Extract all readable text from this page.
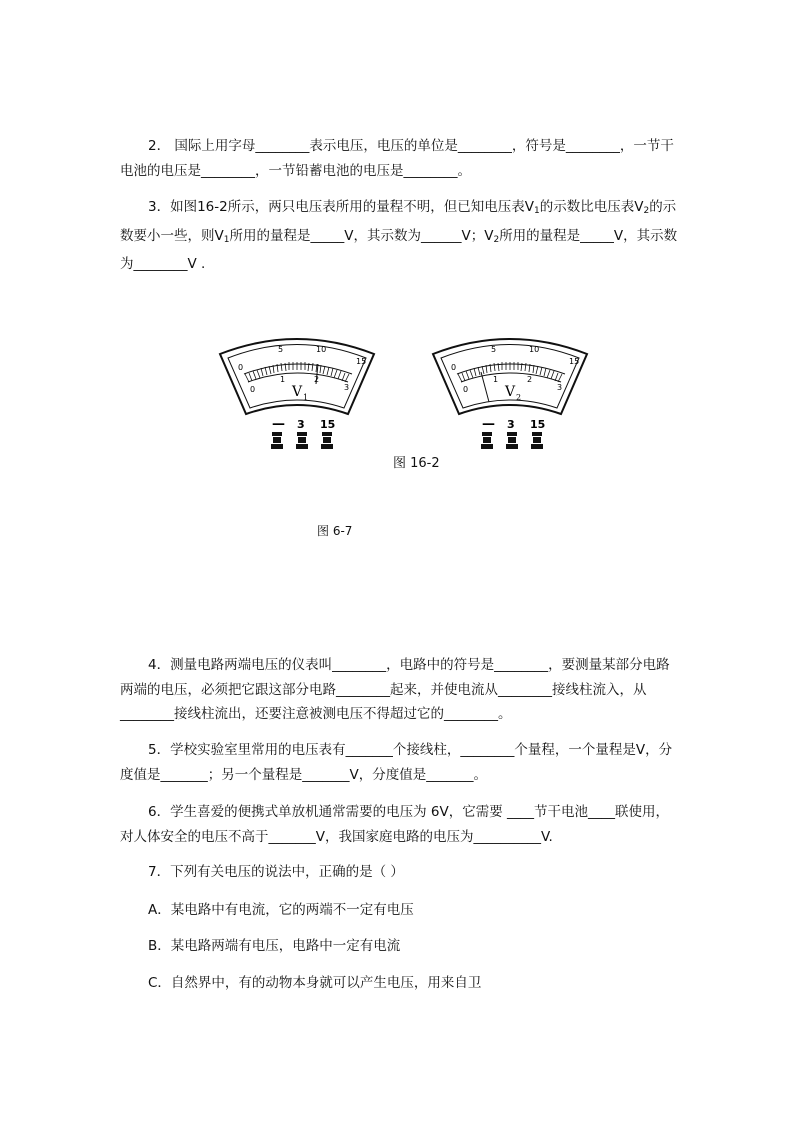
2． 国际上用字母________表示电压，电压的单位是________，符号是________，一节干电池的电压是________，一节铅蓄电池的电压是________。
3．如图16-2所示，两只电压表所用的量程不明，但已知电压表$V_1$的示数比电压表$V_2$的示数要小一些，则$V_1$所用的量程是_____V，其示数为______V；$V_2$所用的量程是_____V，其示数为________V .
0
5	10
15
0
1	2
3
V 1
— 3 15
0
5	10
15
0
1	2
3
V 2
— 3 15
图 16-2
图 6-7
4．测量电路两端电压的仪表叫________，电路中的符号是________，要测量某部分电路两端的电压，必须把它跟这部分电路________起来，并使电流从________接线柱流入，从________接线柱流出，还要注意被测电压不得超过它的________。
5．学校实验室里常用的电压表有_______个接线柱，________个量程，一个量程是V，分度值是_______；另一个量程是_______V，分度值是_______。
6．学生喜爱的便携式单放机通常需要的电压为 6V，它需要 ____节干电池____联使用，对人体安全的电压不高于_______V，我国家庭电路的电压为__________V.
7．下列有关电压的说法中，正确的是（ ）
A．某电路中有电流，它的两端不一定有电压
B．某电路两端有电压，电路中一定有电流
C．自然界中，有的动物本身就可以产生电压，用来自卫
